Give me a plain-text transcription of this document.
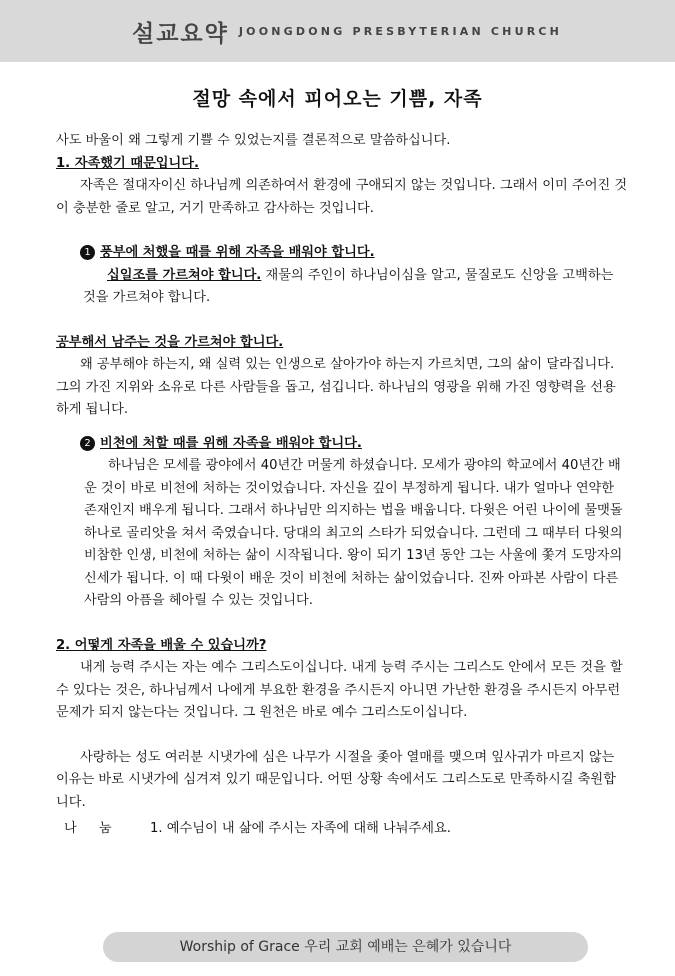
설교요약 JOONGDONG PRESBYTERIAN CHURCH
절망 속에서 피어오는 기쁨, 자족

사도 바울이 왜 그렇게 기쁠 수 있었는지를 결론적으로 말씀하십니다.

1. 자족했기 때문입니다.

자족은 절대자이신 하나님께 의존하여서 환경에 구애되지 않는 것입니다. 그래서 이미 주어진 것이 충분한 줄로 알고, 거기 만족하고 감사하는 것입니다.

1 풍부에 처했을 때를 위해 자족을 배워야 합니다.

십일조를 가르쳐야 합니다. 재물의 주인이 하나님이심을 알고, 물질로도 신앙을 고백하는 것을 가르쳐야 합니다.

공부해서 남주는 것을 가르쳐야 합니다.

왜 공부해야 하는지, 왜 실력 있는 인생으로 살아가야 하는지 가르치면, 그의 삶이 달라집니다. 그의 가진 지위와 소유로 다른 사람들을 돕고, 섬깁니다. 하나님의 영광을 위해 가진 영향력을 선용하게 됩니다.

2 비천에 처할 때를 위해 자족을 배워야 합니다.

하나님은 모세를 광야에서 40년간 머물게 하셨습니다. 모세가 광야의 학교에서 40년간 배운 것이 바로 비천에 처하는 것이었습니다. 자신을 깊이 부정하게 됩니다. 내가 얼마나 연약한 존재인지 배우게 됩니다. 그래서 하나님만 의지하는 법을 배웁니다. 다윗은 어린 나이에 물맷돌 하나로 골리앗을 쳐서 죽였습니다. 당대의 최고의 스타가 되었습니다. 그런데 그 때부터 다윗의 비참한 인생, 비천에 처하는 삶이 시작됩니다. 왕이 되기 13년 동안 그는 사울에 쫓겨 도망자의 신세가 됩니다. 이 때 다윗이 배운 것이 비천에 처하는 삶이었습니다. 진짜 아파본 사람이 다른 사람의 아픔을 헤아릴 수 있는 것입니다.

2. 어떻게 자족을 배울 수 있습니까?

내게 능력 주시는 자는 예수 그리스도이십니다. 내게 능력 주시는 그리스도 안에서 모든 것을 할 수 있다는 것은, 하나님께서 나에게 부요한 환경을 주시든지 아니면 가난한 환경을 주시든지 아무런 문제가 되지 않는다는 것입니다. 그 원천은 바로 예수 그리스도이십니다.

사랑하는 성도 여러분 시냇가에 심은 나무가 시절을 좇아 열매를 맺으며 잎사귀가 마르지 않는 이유는 바로 시냇가에 심겨져 있기 때문입니다. 어떤 상황 속에서도 그리스도로 만족하시길 축원합니다.

나 눔	1. 예수님이 내 삶에 주시는 자족에 대해 나눠주세요.

Worship of Grace 우리 교회 예배는 은혜가 있습니다
